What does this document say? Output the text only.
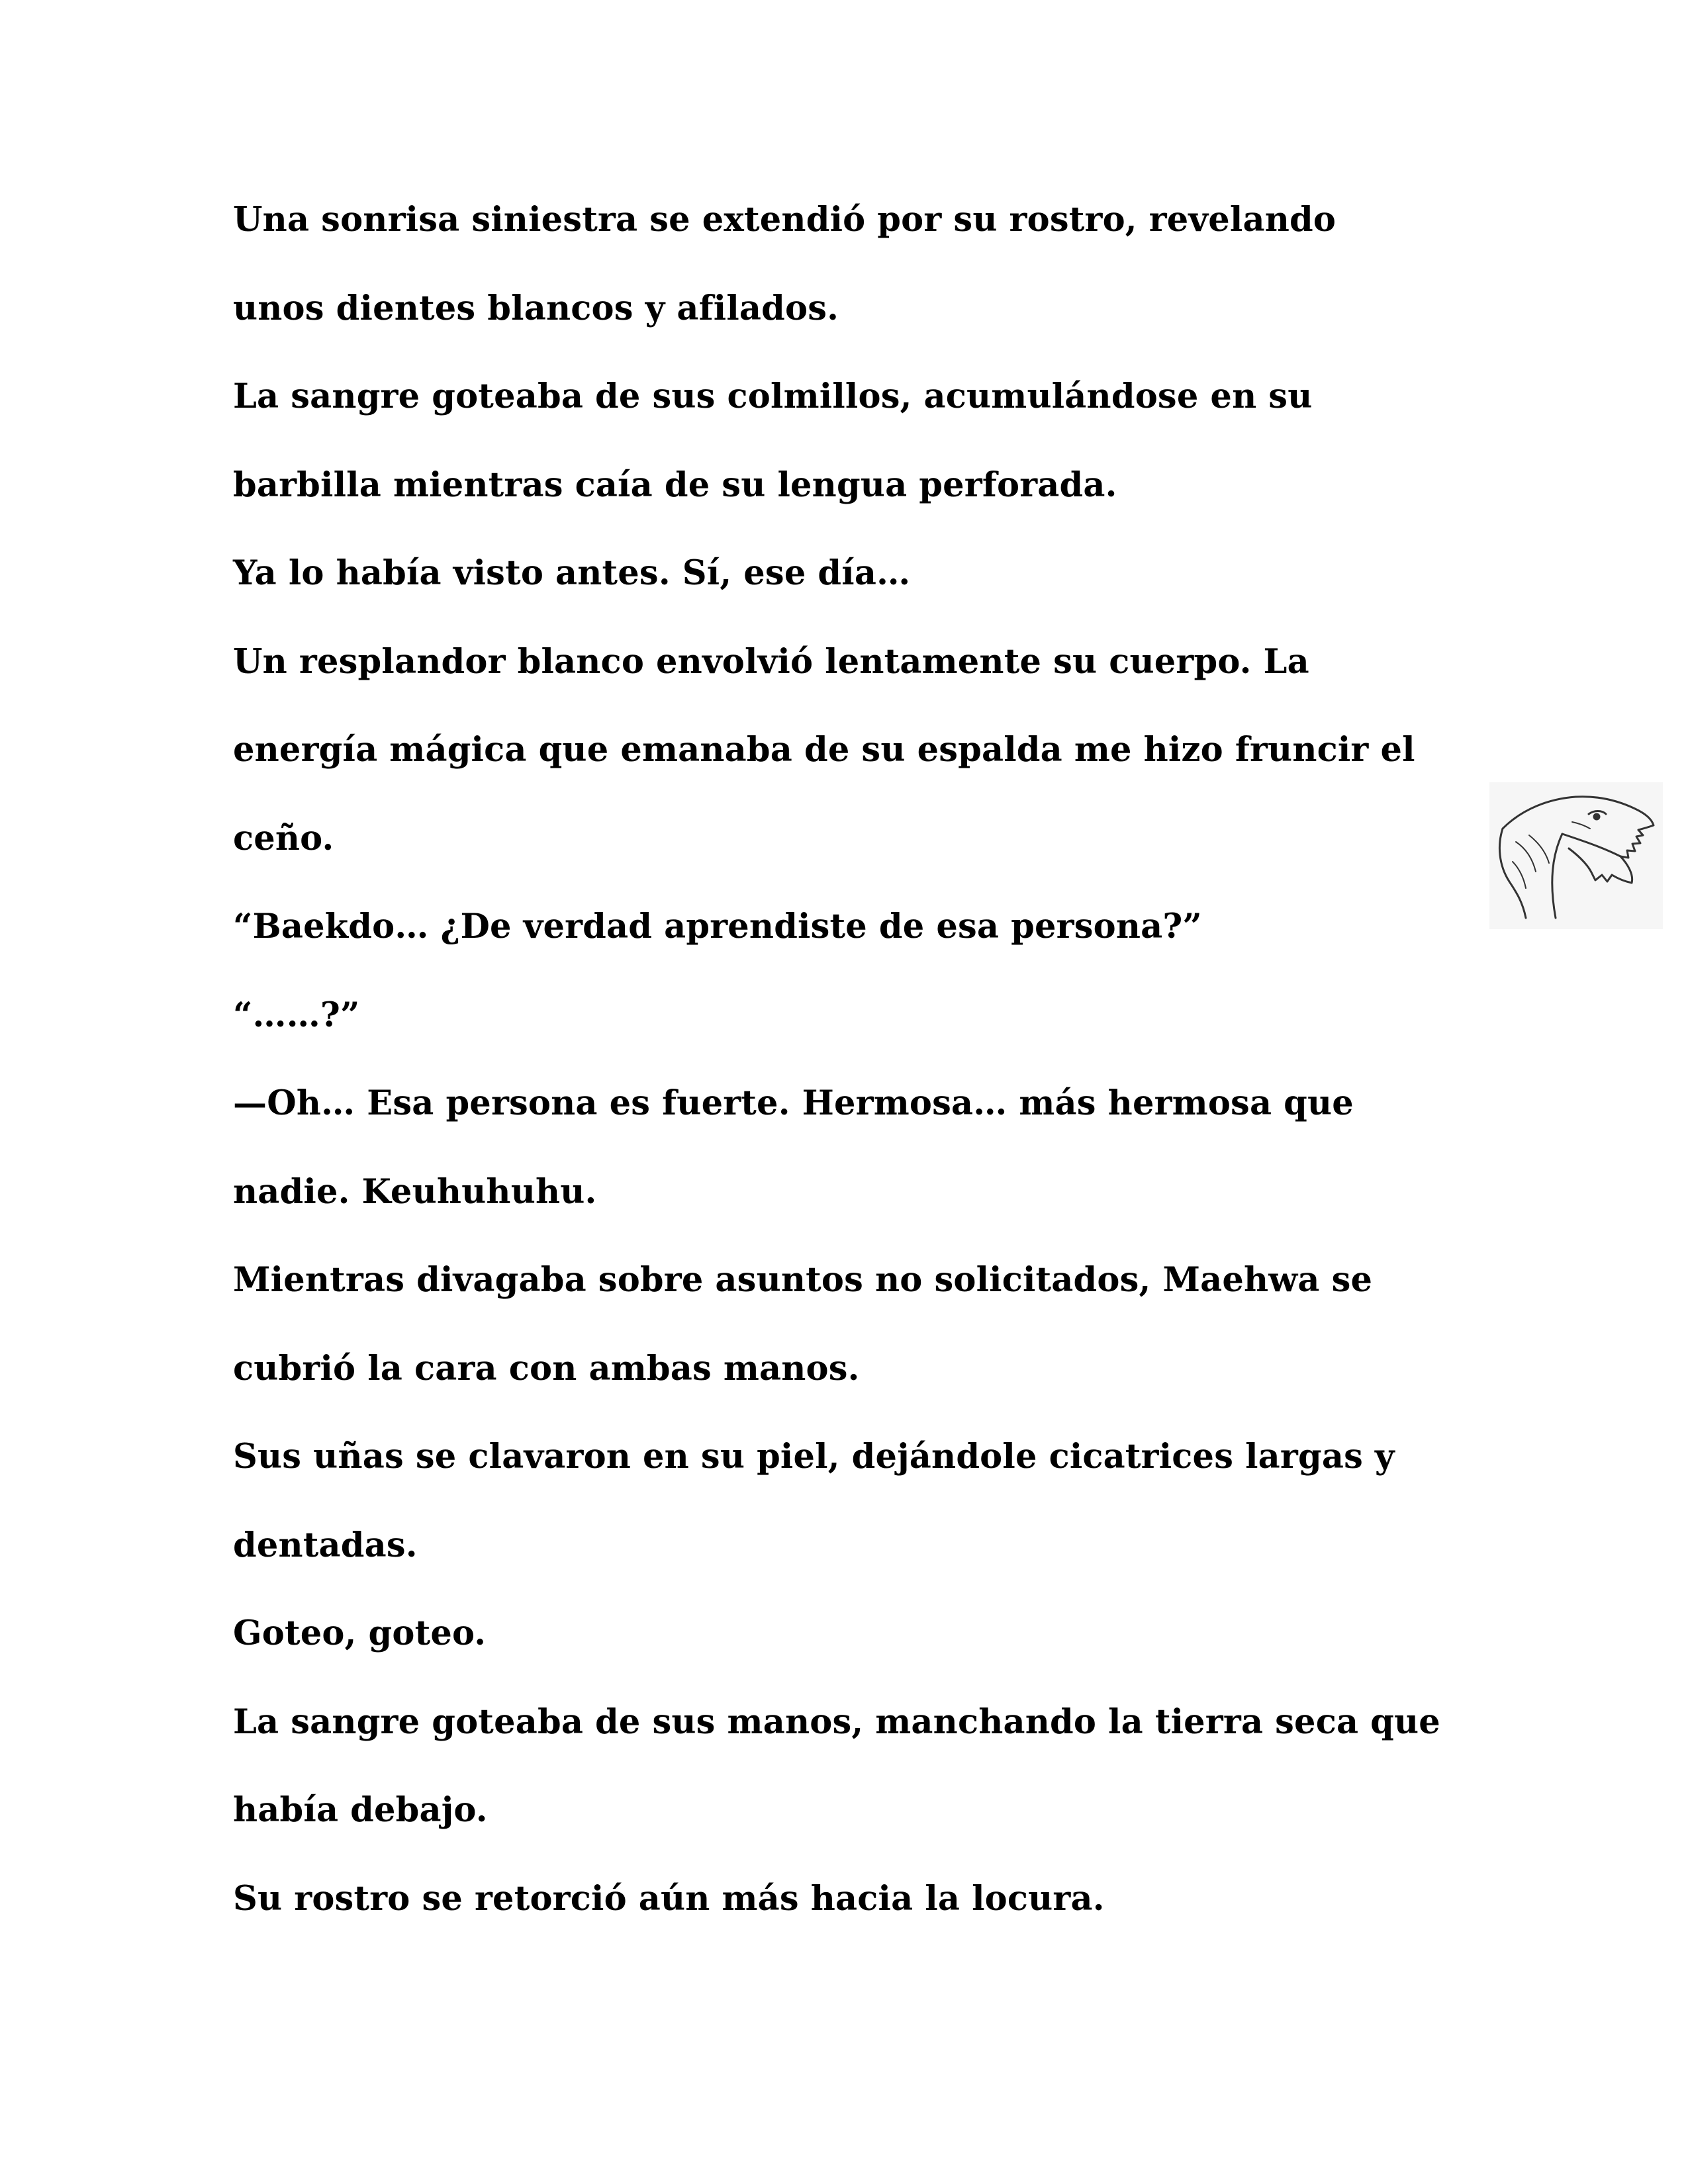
Una sonrisa siniestra se extendió por su rostro, revelando
unos dientes blancos y afilados.
La sangre goteaba de sus colmillos, acumulándose en su
barbilla mientras caía de su lengua perforada.
Ya lo había visto antes. Sí, ese día…
Un resplandor blanco envolvió lentamente su cuerpo. La
energía mágica que emanaba de su espalda me hizo fruncir el
ceño.
“Baekdo… ¿De verdad aprendiste de esa persona?”
“……?”
—Oh… Esa persona es fuerte. Hermosa… más hermosa que
nadie. Keuhuhuhu.
Mientras divagaba sobre asuntos no solicitados, Maehwa se
cubrió la cara con ambas manos.
Sus uñas se clavaron en su piel, dejándole cicatrices largas y
dentadas.
Goteo, goteo.
La sangre goteaba de sus manos, manchando la tierra seca que
había debajo.
Su rostro se retorció aún más hacia la locura.
